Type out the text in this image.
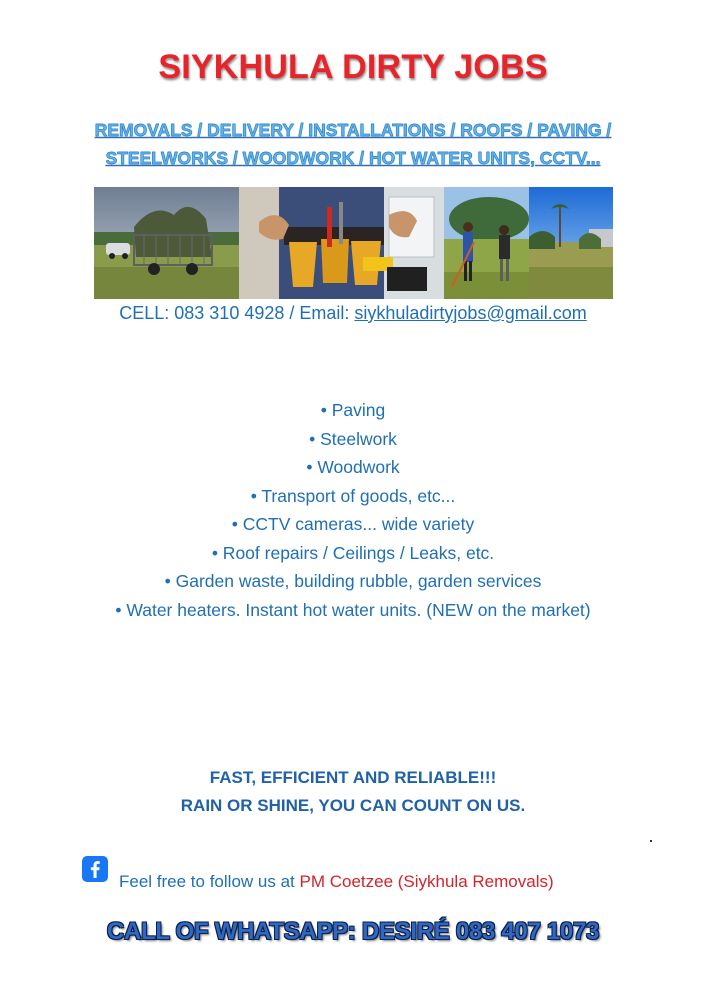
SIYKHULA DIRTY JOBS
REMOVALS / DELIVERY / INSTALLATIONS / ROOFS / PAVING /
STEELWORKS / WOODWORK / HOT WATER UNITS, CCTV...
CELL: 083 310 4928 / Email: siykhuladirtyjobs@gmail.com
• Paving
• Steelwork
• Woodwork
• Transport of goods, etc...
• CCTV cameras... wide variety
• Roof repairs / Ceilings / Leaks, etc.
• Garden waste, building rubble, garden services
• Water heaters. Instant hot water units. (NEW on the market)
FAST, EFFICIENT AND RELIABLE!!!
RAIN OR SHINE, YOU CAN COUNT ON US.
Feel free to follow us at PM Coetzee (Siykhula Removals)
CALL OF WHATSAPP: DESIRÉ 083 407 1073
